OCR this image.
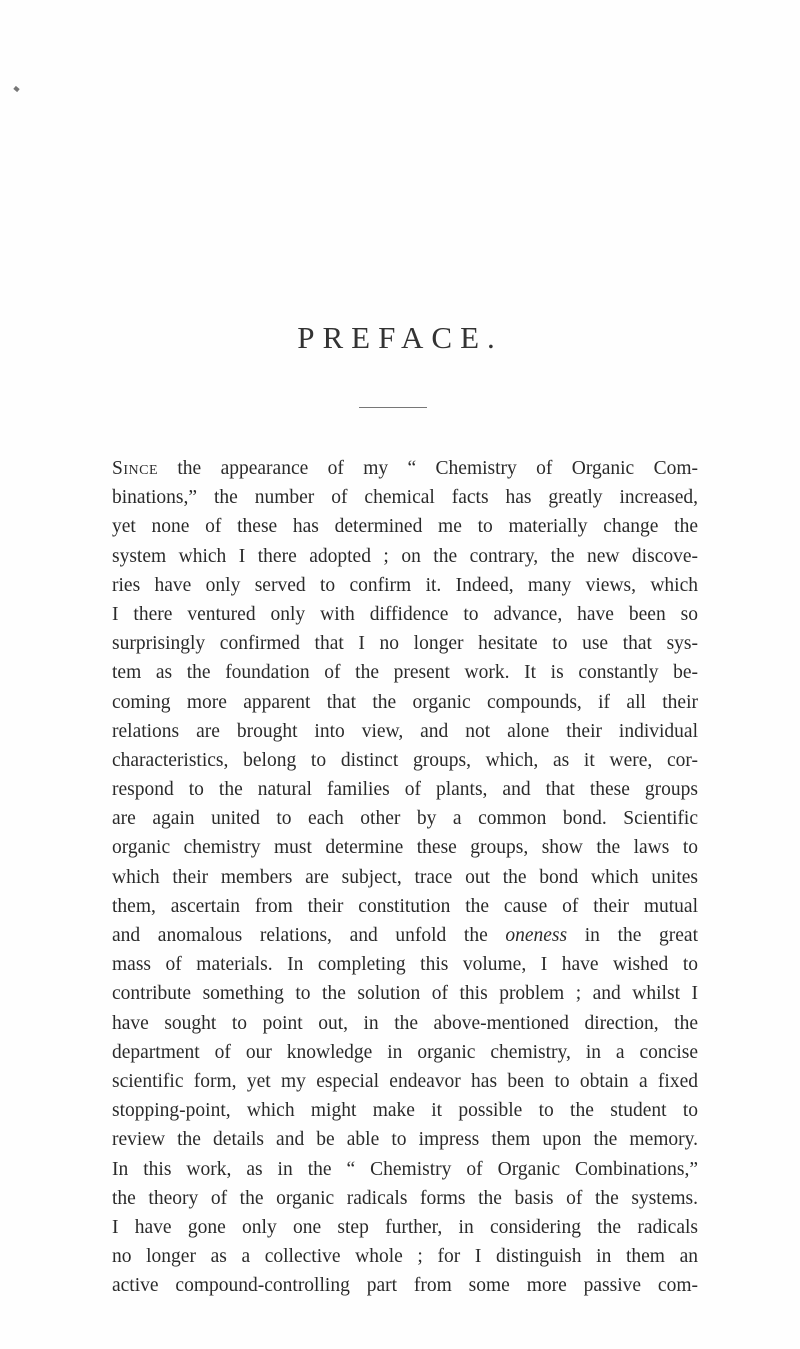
PREFACE.
Since the appearance of my “ Chemistry of Organic Com-
binations,” the number of chemical facts has greatly increased,
yet none of these has determined me to materially change the
system which I there adopted ; on the contrary, the new discove-
ries have only served to confirm it. Indeed, many views, which
I there ventured only with diffidence to advance, have been so
surprisingly confirmed that I no longer hesitate to use that sys-
tem as the foundation of the present work. It is constantly be-
coming more apparent that the organic compounds, if all their
relations are brought into view, and not alone their individual
characteristics, belong to distinct groups, which, as it were, cor-
respond to the natural families of plants, and that these groups
are again united to each other by a common bond. Scientific
organic chemistry must determine these groups, show the laws to
which their members are subject, trace out the bond which unites
them, ascertain from their constitution the cause of their mutual
and anomalous relations, and unfold the oneness in the great
mass of materials. In completing this volume, I have wished to
contribute something to the solution of this problem ; and whilst I
have sought to point out, in the above-mentioned direction, the
department of our knowledge in organic chemistry, in a concise
scientific form, yet my especial endeavor has been to obtain a fixed
stopping-point, which might make it possible to the student to
review the details and be able to impress them upon the memory.
In this work, as in the “ Chemistry of Organic Combinations,”
the theory of the organic radicals forms the basis of the systems.
I have gone only one step further, in considering the radicals
no longer as a collective whole ; for I distinguish in them an
active compound-controlling part from some more passive com-
